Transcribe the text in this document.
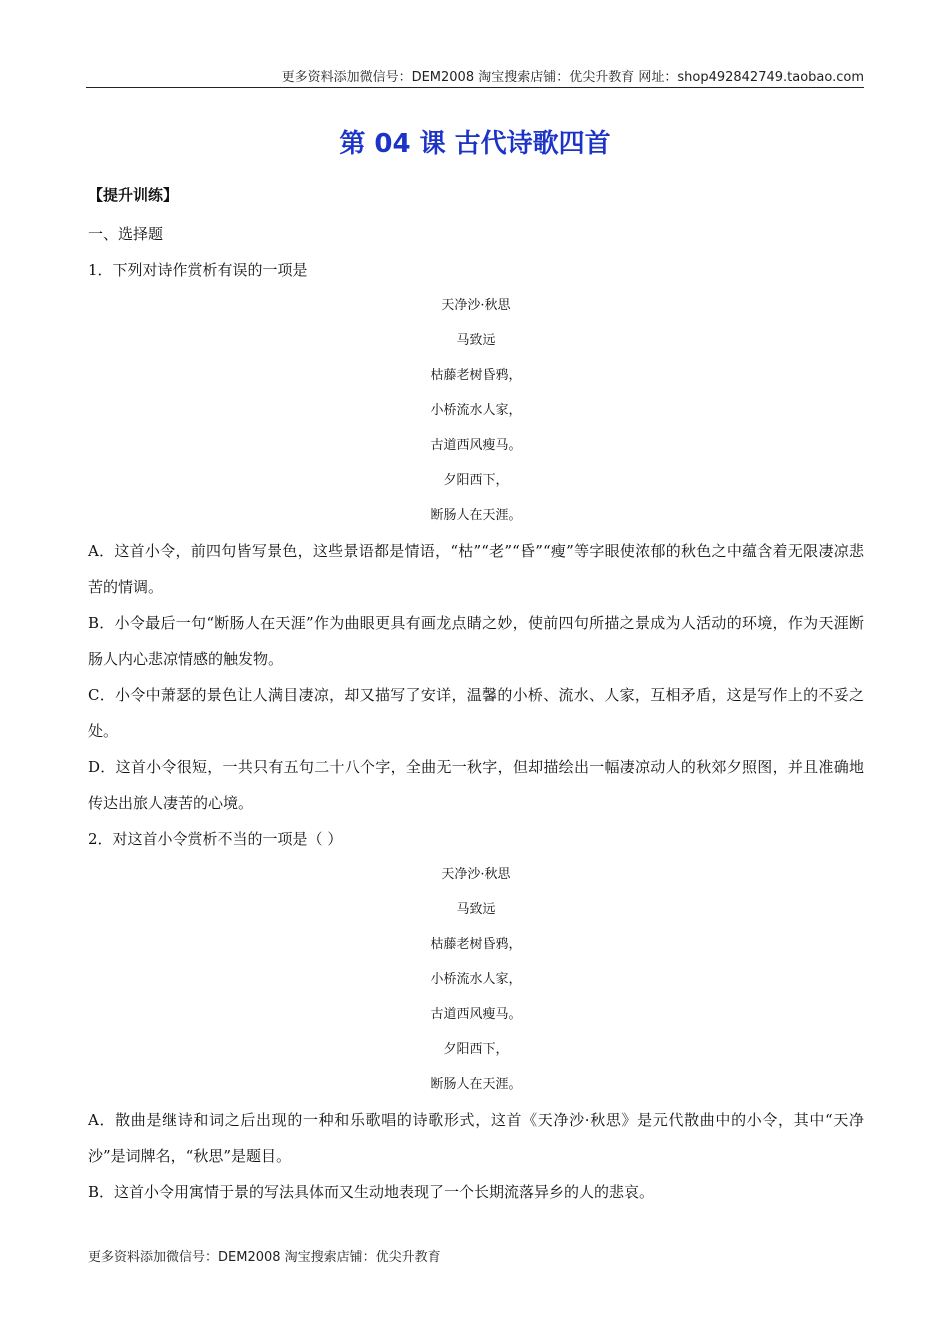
更多资料添加微信号：DEM2008 淘宝搜索店铺：优尖升教育 网址：shop492842749.taobao.com
第 04 课 古代诗歌四首
【提升训练】
一、选择题
1．下列对诗作赏析有误的一项是
天净沙·秋思
马致远
枯藤老树昏鸦，
小桥流水人家，
古道西风瘦马。
夕阳西下，
断肠人在天涯。
A．这首小令，前四句皆写景色，这些景语都是情语，“枯”“老”“昏”“瘦”等字眼使浓郁的秋色之中蕴含着无限凄凉悲苦的情调。
B．小令最后一句“断肠人在天涯”作为曲眼更具有画龙点睛之妙，使前四句所描之景成为人活动的环境，作为天涯断肠人内心悲凉情感的触发物。
C．小令中萧瑟的景色让人满目凄凉，却又描写了安详，温馨的小桥、流水、人家，互相矛盾，这是写作上的不妥之处。
D．这首小令很短，一共只有五句二十八个字，全曲无一秋字，但却描绘出一幅凄凉动人的秋郊夕照图，并且准确地传达出旅人凄苦的心境。
2．对这首小令赏析不当的一项是（ ）
天净沙·秋思
马致远
枯藤老树昏鸦，
小桥流水人家，
古道西风瘦马。
夕阳西下，
断肠人在天涯。
A．散曲是继诗和词之后出现的一种和乐歌唱的诗歌形式，这首《天净沙·秋思》是元代散曲中的小令，其中“天净沙”是词牌名，“秋思”是题目。
B．这首小令用寓情于景的写法具体而又生动地表现了一个长期流落异乡的人的悲哀。
更多资料添加微信号：DEM2008 淘宝搜索店铺：优尖升教育
